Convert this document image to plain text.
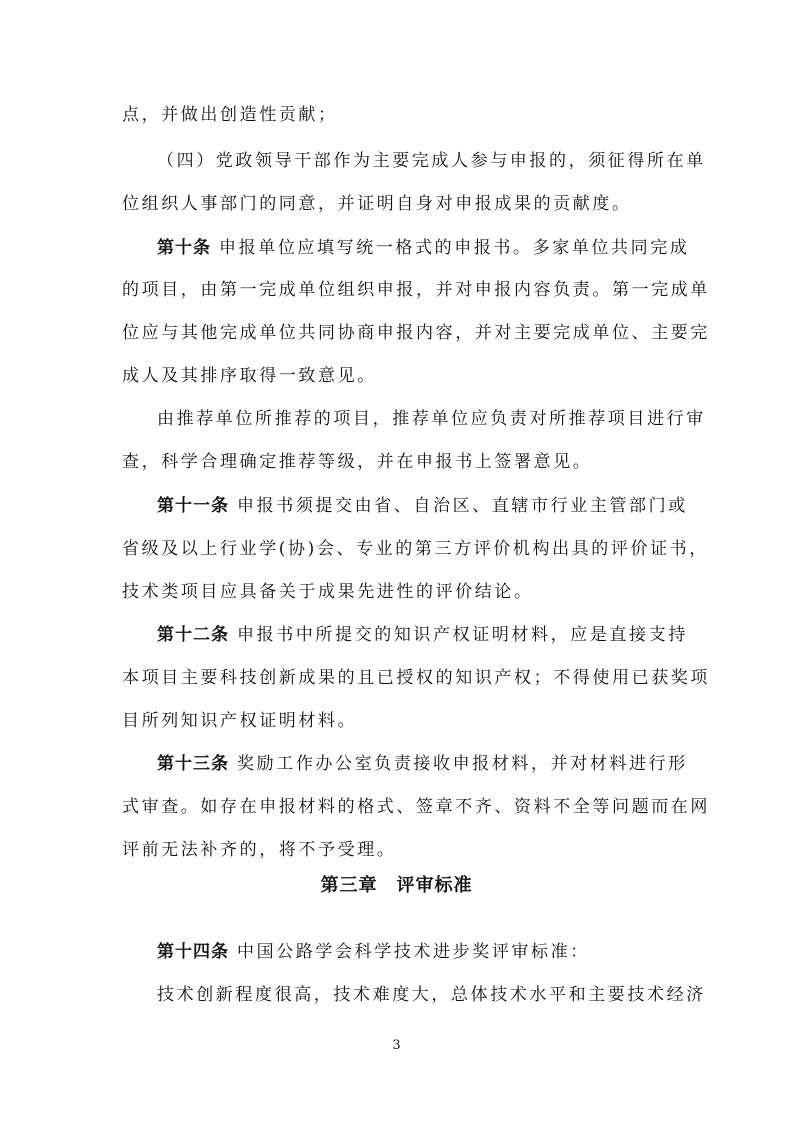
点，并做出创造性贡献；
（四）党政领导干部作为主要完成人参与申报的，须征得所在单
位组织人事部门的同意，并证明自身对申报成果的贡献度。
第十条 申报单位应填写统一格式的申报书。多家单位共同完成
的项目，由第一完成单位组织申报，并对申报内容负责。第一完成单
位应与其他完成单位共同协商申报内容，并对主要完成单位、主要完
成人及其排序取得一致意见。
由推荐单位所推荐的项目，推荐单位应负责对所推荐项目进行审
查，科学合理确定推荐等级，并在申报书上签署意见。
第十一条 申报书须提交由省、自治区、直辖市行业主管部门或
省级及以上行业学(协)会、专业的第三方评价机构出具的评价证书，
技术类项目应具备关于成果先进性的评价结论。
第十二条 申报书中所提交的知识产权证明材料，应是直接支持
本项目主要科技创新成果的且已授权的知识产权；不得使用已获奖项
目所列知识产权证明材料。
第十三条 奖励工作办公室负责接收申报材料，并对材料进行形
式审查。如存在申报材料的格式、签章不齐、资料不全等问题而在网
评前无法补齐的，将不予受理。
第三章　评审标准
第十四条 中国公路学会科学技术进步奖评审标准：
技术创新程度很高，技术难度大，总体技术水平和主要技术经济
3
